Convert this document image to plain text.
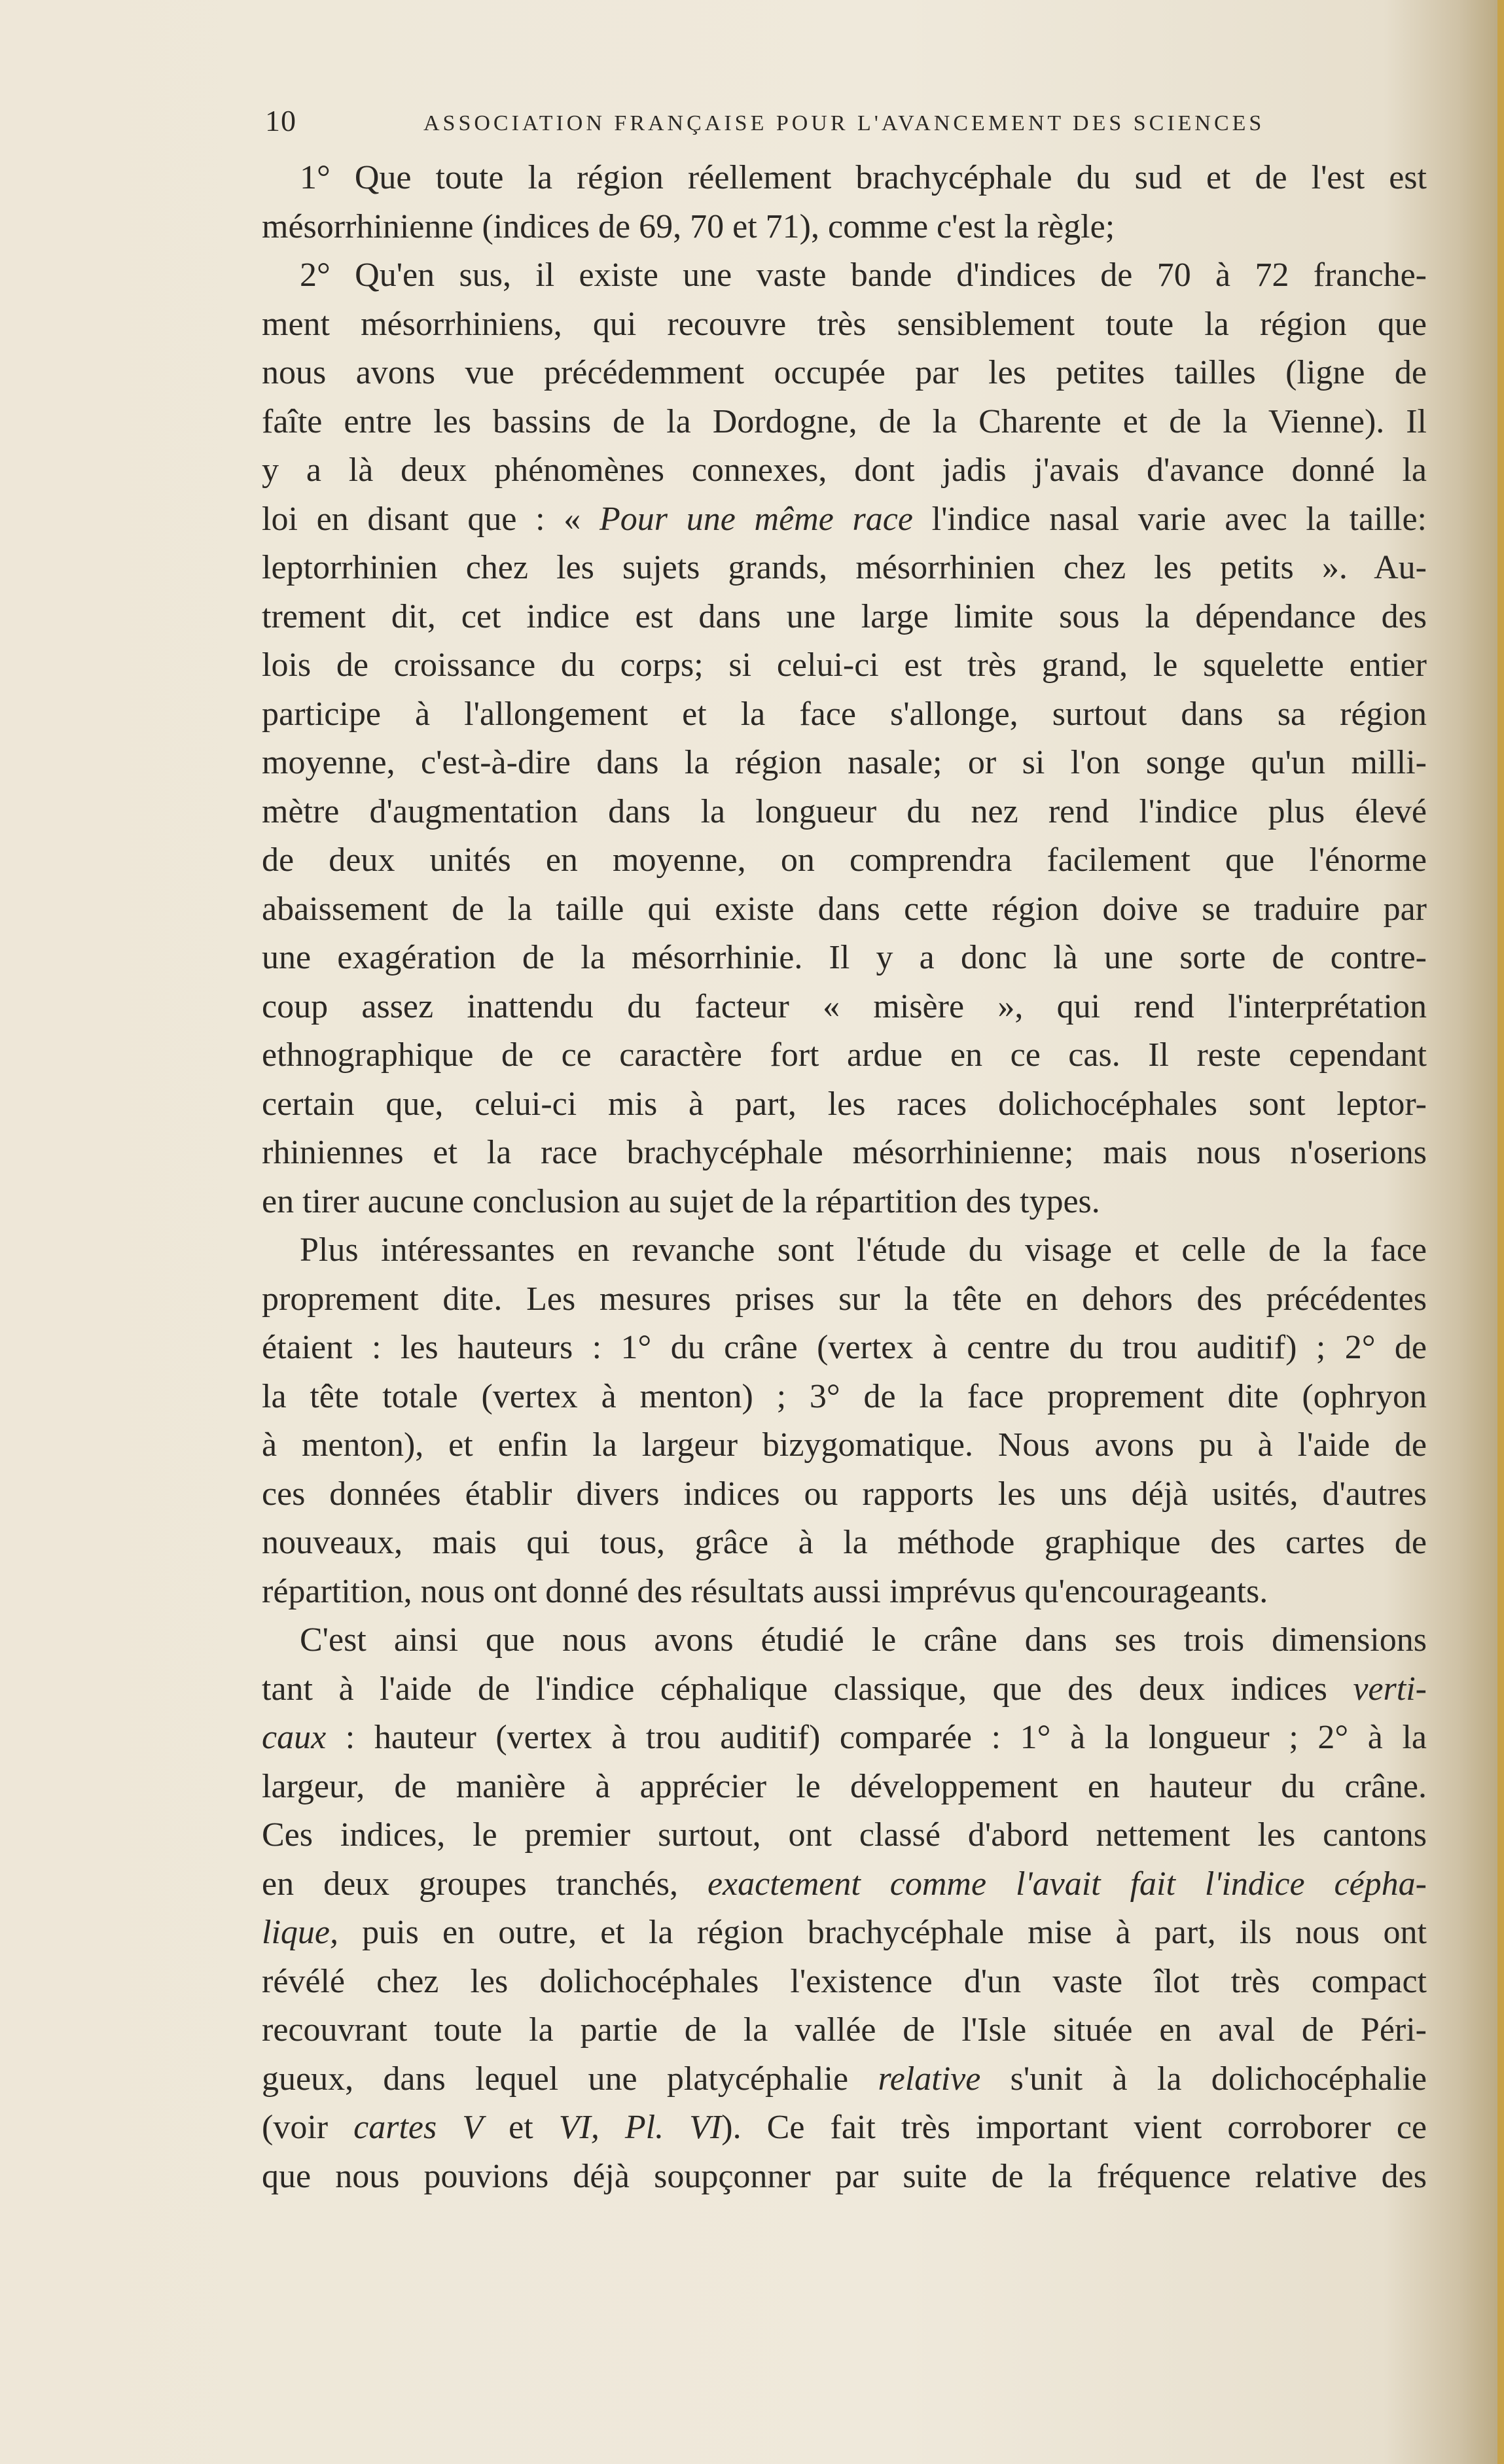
10	ASSOCIATION FRANÇAISE POUR L'AVANCEMENT DES SCIENCES
1° Que toute la région réellement brachycéphale du sud et de l'est est
mésorrhinienne (indices de 69, 70 et 71), comme c'est la règle;
2° Qu'en sus, il existe une vaste bande d'indices de 70 à 72 franche-
ment mésorrhiniens, qui recouvre très sensiblement toute la région que
nous avons vue précédemment occupée par les petites tailles (ligne de
faîte entre les bassins de la Dordogne, de la Charente et de la Vienne). Il
y a là deux phénomènes connexes, dont jadis j'avais d'avance donné la
loi en disant que : « Pour une même race l'indice nasal varie avec la taille:
leptorrhinien chez les sujets grands, mésorrhinien chez les petits ». Au-
trement dit, cet indice est dans une large limite sous la dépendance des
lois de croissance du corps; si celui-ci est très grand, le squelette entier
participe à l'allongement et la face s'allonge, surtout dans sa région
moyenne, c'est-à-dire dans la région nasale; or si l'on songe qu'un milli-
mètre d'augmentation dans la longueur du nez rend l'indice plus élevé
de deux unités en moyenne, on comprendra facilement que l'énorme
abaissement de la taille qui existe dans cette région doive se traduire par
une exagération de la mésorrhinie. Il y a donc là une sorte de contre-
coup assez inattendu du facteur « misère », qui rend l'interprétation
ethnographique de ce caractère fort ardue en ce cas. Il reste cependant
certain que, celui-ci mis à part, les races dolichocéphales sont leptor-
rhiniennes et la race brachycéphale mésorrhinienne; mais nous n'oserions
en tirer aucune conclusion au sujet de la répartition des types.
Plus intéressantes en revanche sont l'étude du visage et celle de la face
proprement dite. Les mesures prises sur la tête en dehors des précédentes
étaient : les hauteurs : 1° du crâne (vertex à centre du trou auditif) ; 2° de
la tête totale (vertex à menton) ; 3° de la face proprement dite (ophryon
à menton), et enfin la largeur bizygomatique. Nous avons pu à l'aide de
ces données établir divers indices ou rapports les uns déjà usités, d'autres
nouveaux, mais qui tous, grâce à la méthode graphique des cartes de
répartition, nous ont donné des résultats aussi imprévus qu'encourageants.
C'est ainsi que nous avons étudié le crâne dans ses trois dimensions
tant à l'aide de l'indice céphalique classique, que des deux indices verti-
caux : hauteur (vertex à trou auditif) comparée : 1° à la longueur ; 2° à la
largeur, de manière à apprécier le développement en hauteur du crâne.
Ces indices, le premier surtout, ont classé d'abord nettement les cantons
en deux groupes tranchés, exactement comme l'avait fait l'indice cépha-
lique, puis en outre, et la région brachycéphale mise à part, ils nous ont
révélé chez les dolichocéphales l'existence d'un vaste îlot très compact
recouvrant toute la partie de la vallée de l'Isle située en aval de Péri-
gueux, dans lequel une platycéphalie relative s'unit à la dolichocéphalie
(voir cartes V et VI, Pl. VI). Ce fait très important vient corroborer ce
que nous pouvions déjà soupçonner par suite de la fréquence relative des
